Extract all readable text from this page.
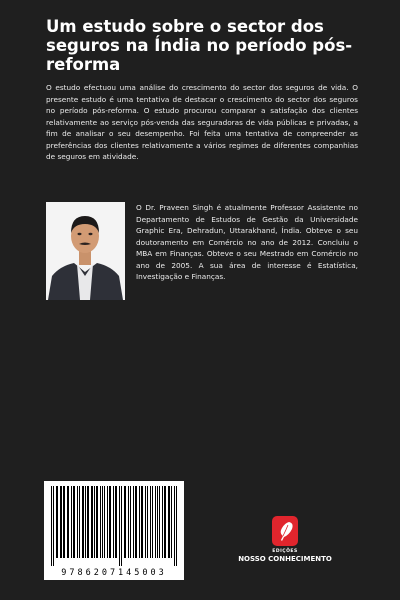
Um estudo sobre o sector dos seguros na Índia no período pós-reforma

O estudo efectuou uma análise do crescimento do sector dos seguros de vida. O presente estudo é uma tentativa de destacar o crescimento do sector dos seguros no período pós-reforma. O estudo procurou comparar a satisfação dos clientes relativamente ao serviço pós-venda das seguradoras de vida públicas e privadas, a fim de analisar o seu desempenho. Foi feita uma tentativa de compreender as preferências dos clientes relativamente a vários regimes de diferentes companhias de seguros em atividade.

O Dr. Praveen Singh é atualmente Professor Assistente no Departamento de Estudos de Gestão da Universidade Graphic Era, Dehradun, Uttarakhand, Índia. Obteve o seu doutoramento em Comércio no ano de 2012. Concluiu o MBA em Finanças. Obteve o seu Mestrado em Comércio no ano de 2005. A sua área de interesse é Estatística, Investigação e Finanças.

9786207145003
EDIÇÕES
NOSSO CONHECIMENTO
